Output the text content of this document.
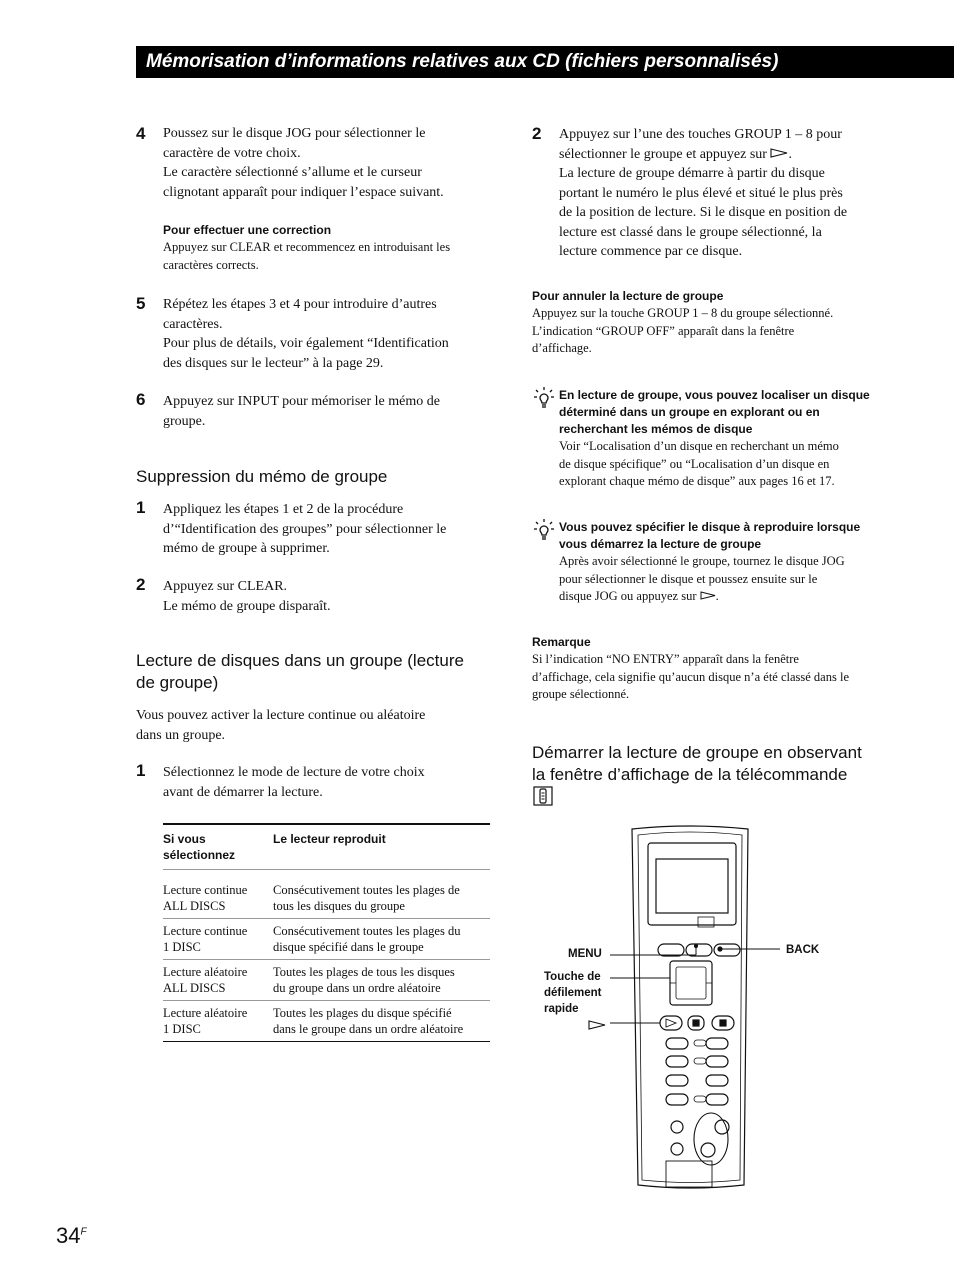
Mémorisation d’informations relatives aux CD (fichiers personnalisés)
4 Poussez sur le disque JOG pour sélectionner le

caractère de votre choix.

Le caractère sélectionné s’allume et le curseur

clignotant apparaît pour indiquer l’espace suivant.

Pour effectuer une correction

Appuyez sur CLEAR et recommencez en introduisant les

caractères corrects.

5 Répétez les étapes 3 et 4 pour introduire d’autres

caractères.

Pour plus de détails, voir également “Identification

des disques sur le lecteur” à la page 29.

6 Appuyez sur INPUT pour mémoriser le mémo de

groupe.

Suppression du mémo de groupe
1 Appliquez les étapes 1 et 2 de la procédure

d’“Identification des groupes” pour sélectionner le

mémo de groupe à supprimer.

2 Appuyez sur CLEAR.

Le mémo de groupe disparaît.

Lecture de disques dans un groupe (lecture

de groupe)

Vous pouvez activer la lecture continue ou aléatoire

dans un groupe.

1 Sélectionnez le mode de lecture de votre choix

avant de démarrer la lecture.

Si vous
sélectionnez	Le lecteur reproduit

Lecture continue
ALL DISCS	Consécutivement toutes les plages de
tous les disques du groupe
Lecture continue
1 DISC	Consécutivement toutes les plages du
disque spécifié dans le groupe
Lecture aléatoire
ALL DISCS	Toutes les plages de tous les disques
du groupe dans un ordre aléatoire
Lecture aléatoire
1 DISC	Toutes les plages du disque spécifié
dans le groupe dans un ordre aléatoire
2 Appuyez sur l’une des touches GROUP 1 – 8 pour

sélectionner le groupe et appuyez sur .

La lecture de groupe démarre à partir du disque

portant le numéro le plus élevé et situé le plus près

de la position de lecture. Si le disque en position de

lecture est classé dans le groupe sélectionné, la

lecture commence par ce disque.

Pour annuler la lecture de groupe

Appuyez sur la touche GROUP 1 – 8 du groupe sélectionné.

L’indication “GROUP OFF” apparaît dans la fenêtre

d’affichage.

En lecture de groupe, vous pouvez localiser un disque

déterminé dans un groupe en explorant ou en

recherchant les mémos de disque

Voir “Localisation d’un disque en recherchant un mémo

de disque spécifique” ou “Localisation d’un disque en

explorant chaque mémo de disque” aux pages 16 et 17.

Vous pouvez spécifier le disque à reproduire lorsque

vous démarrez la lecture de groupe

Après avoir sélectionné le groupe, tournez le disque JOG

pour sélectionner le disque et poussez ensuite sur le

disque JOG ou appuyez sur .

Remarque

Si l’indication “NO ENTRY” apparaît dans la fenêtre

d’affichage, cela signifie qu’aucun disque n’a été classé dans le

groupe sélectionné.

Démarrer la lecture de groupe en observant

la fenêtre d’affichage de la télécommande

MENU	BACK
Touche de
défilement
rapide
$34^F$
